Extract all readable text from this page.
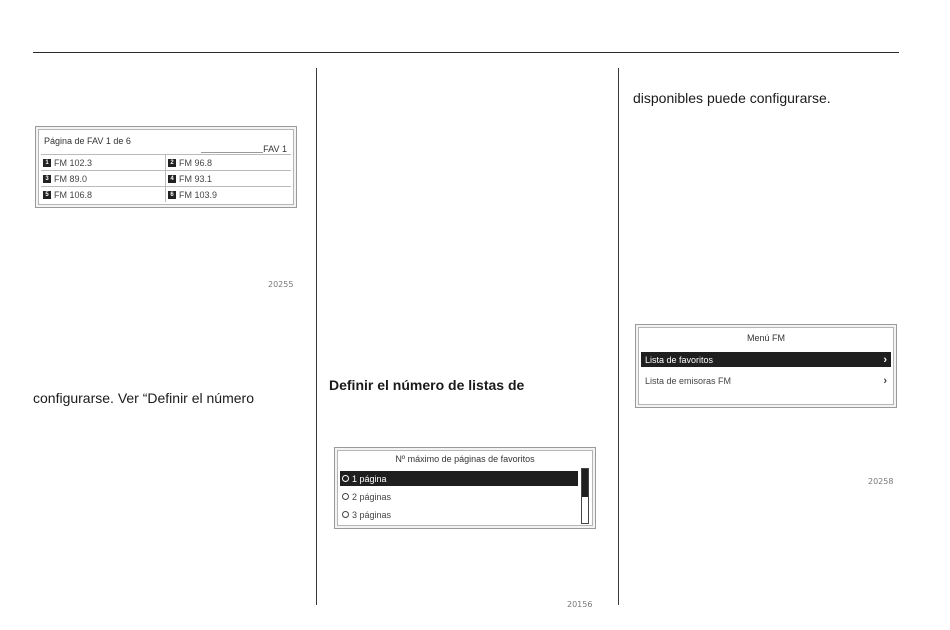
Página de FAV 1 de 6
FAV 1
1 FM 102.3	2 FM 96.8
3 FM 89.0	4 FM 93.1
5 FM 106.8	6 FM 103.9
20255
configurarse. Ver “Definir el número
Definir el número de listas de
Nº máximo de páginas de favoritos
1 página
2 páginas
3 páginas
20156
disponibles puede configurarse.
Menú FM
Lista de favoritos	›
Lista de emisoras FM	›
20258
